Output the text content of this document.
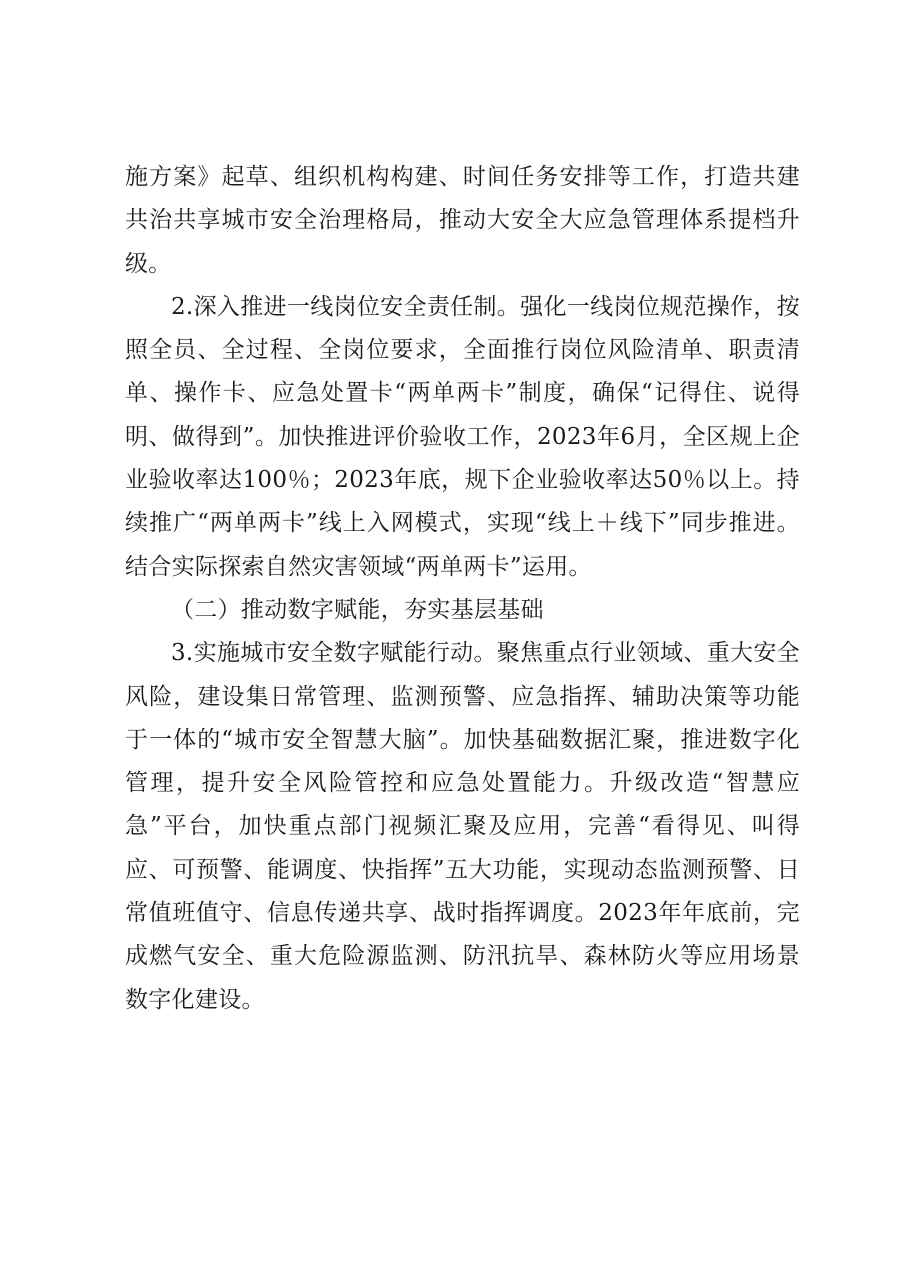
施方案》起草、组织机构构建、时间任务安排等工作，打造共建共治共享城市安全治理格局，推动大安全大应急管理体系提档升级。

2.深入推进一线岗位安全责任制。强化一线岗位规范操作，按照全员、全过程、全岗位要求，全面推行岗位风险清单、职责清单、操作卡、应急处置卡“两单两卡”制度，确保“记得住、说得明、做得到”。加快推进评价验收工作，2023年6月，全区规上企业验收率达100％；2023年底，规下企业验收率达50％以上。持续推广“两单两卡”线上入网模式，实现“线上＋线下”同步推进。结合实际探索自然灾害领域“两单两卡”运用。

（二）推动数字赋能，夯实基层基础

3.实施城市安全数字赋能行动。聚焦重点行业领域、重大安全风险，建设集日常管理、监测预警、应急指挥、辅助决策等功能于一体的“城市安全智慧大脑”。加快基础数据汇聚，推进数字化管理，提升安全风险管控和应急处置能力。升级改造“智慧应急”平台，加快重点部门视频汇聚及应用，完善“看得见、叫得应、可预警、能调度、快指挥”五大功能，实现动态监测预警、日常值班值守、信息传递共享、战时指挥调度。2023年年底前，完成燃气安全、重大危险源监测、防汛抗旱、森林防火等应用场景数字化建设。
